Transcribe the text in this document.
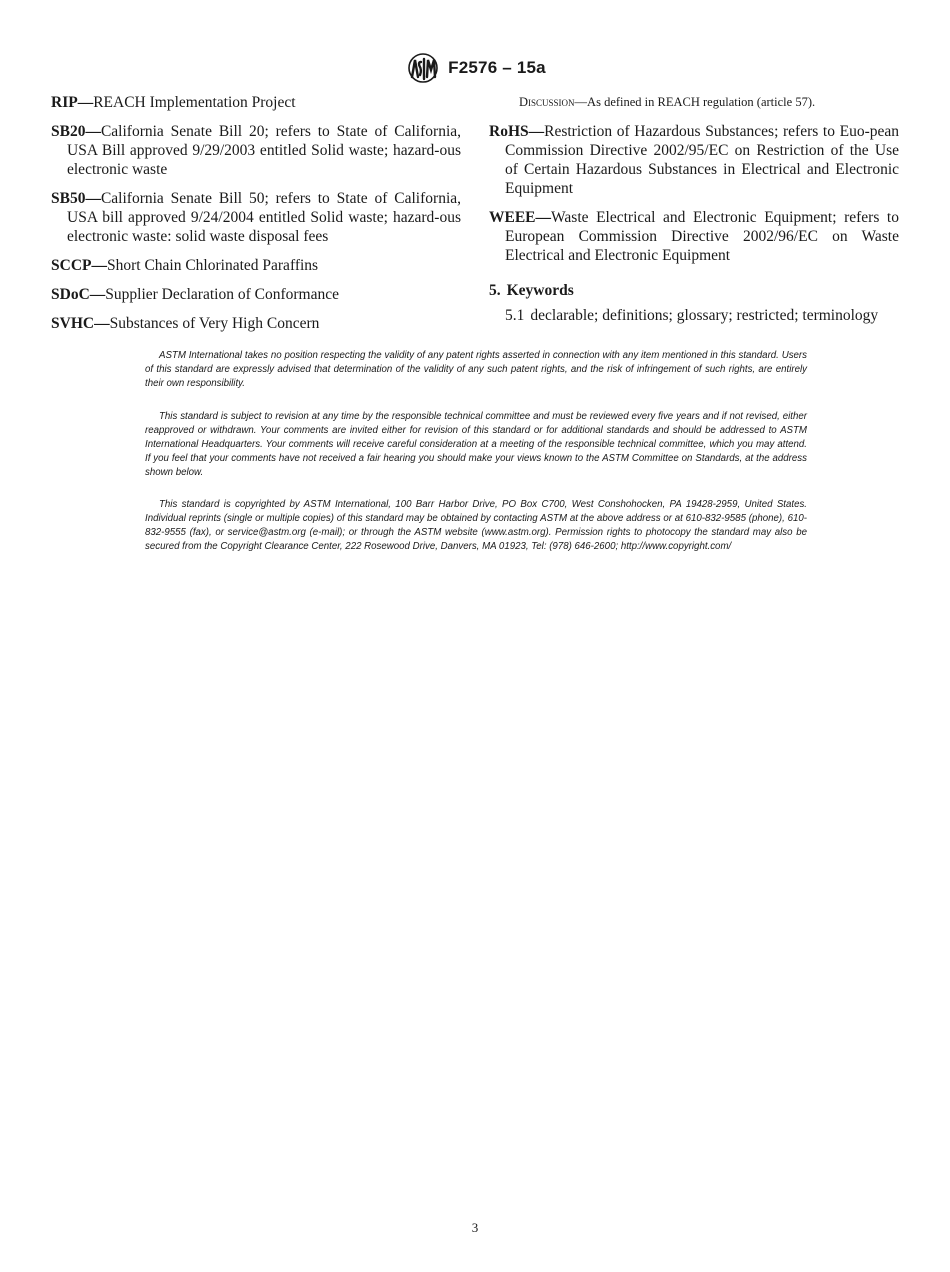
F2576 – 15a

RIP—REACH Implementation Project

SB20—California Senate Bill 20; refers to State of California, USA Bill approved 9/29/2003 entitled Solid waste; hazard-ous electronic waste

SB50—California Senate Bill 50; refers to State of California, USA bill approved 9/24/2004 entitled Solid waste; hazard-ous electronic waste: solid waste disposal fees

SCCP—Short Chain Chlorinated Paraffins

SDoC—Supplier Declaration of Conformance

SVHC—Substances of Very High Concern

Discussion—As defined in REACH regulation (article 57).

RoHS—Restriction of Hazardous Substances; refers to Euo-pean Commission Directive 2002/95/EC on Restriction of the Use of Certain Hazardous Substances in Electrical and Electronic Equipment

WEEE—Waste Electrical and Electronic Equipment; refers to European Commission Directive 2002/96/EC on Waste Electrical and Electronic Equipment

5. Keywords

5.1 declarable; definitions; glossary; restricted; terminology

ASTM International takes no position respecting the validity of any patent rights asserted in connection with any item mentioned in this standard. Users of this standard are expressly advised that determination of the validity of any such patent rights, and the risk of infringement of such rights, are entirely their own responsibility.

This standard is subject to revision at any time by the responsible technical committee and must be reviewed every five years and if not revised, either reapproved or withdrawn. Your comments are invited either for revision of this standard or for additional standards and should be addressed to ASTM International Headquarters. Your comments will receive careful consideration at a meeting of the responsible technical committee, which you may attend. If you feel that your comments have not received a fair hearing you should make your views known to the ASTM Committee on Standards, at the address shown below.

This standard is copyrighted by ASTM International, 100 Barr Harbor Drive, PO Box C700, West Conshohocken, PA 19428-2959, United States. Individual reprints (single or multiple copies) of this standard may be obtained by contacting ASTM at the above address or at 610-832-9585 (phone), 610-832-9555 (fax), or service@astm.org (e-mail); or through the ASTM website (www.astm.org). Permission rights to photocopy the standard may also be secured from the Copyright Clearance Center, 222 Rosewood Drive, Danvers, MA 01923, Tel: (978) 646-2600; http://www.copyright.com/

3
